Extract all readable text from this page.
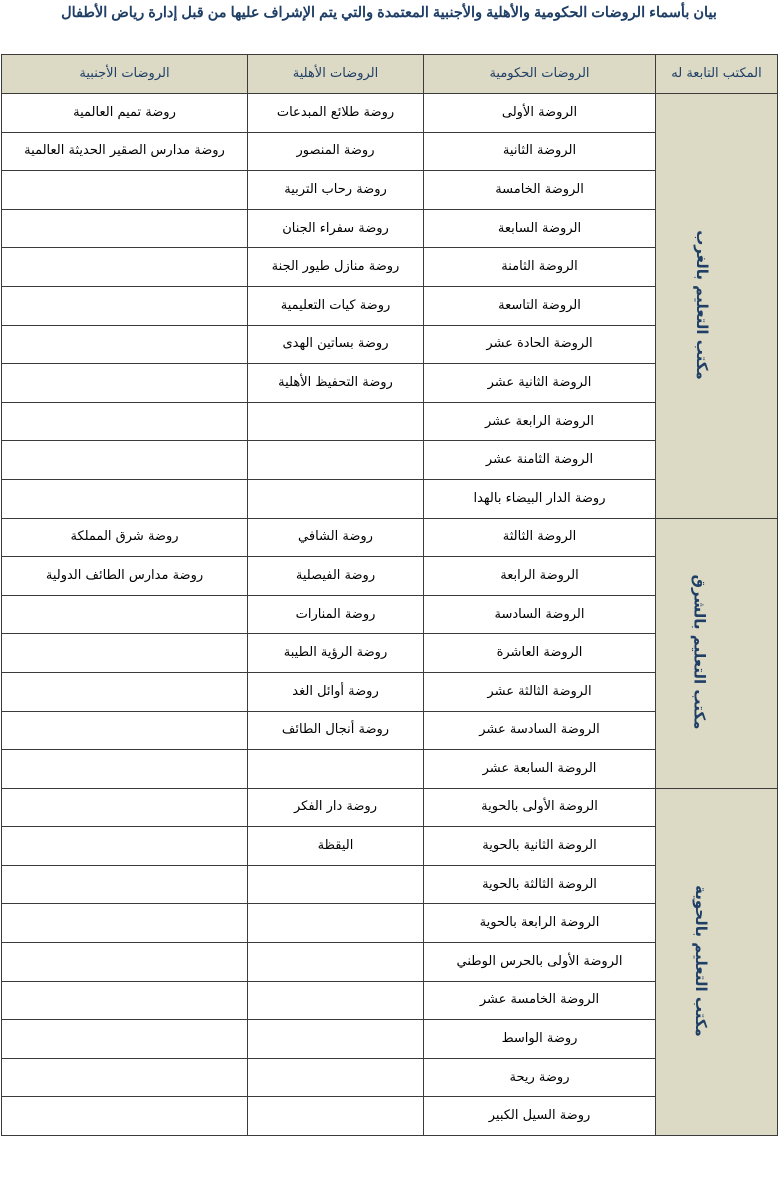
بيان بأسماء الروضات الحكومية والأهلية والأجنبية المعتمدة والتي يتم الإشراف عليها من قبل إدارة رياض الأطفال
المكتب التابعة له	الروضات الحكومية	الروضات الأهلية	الروضات الأجنبية
مكتب التعليم بالغرب	الروضة الأولى	روضة طلائع المبدعات	روضة تميم العالمية
	الروضة الثانية	روضة المنصور	روضة مدارس الصقير الحديثة العالمية
	الروضة الخامسة	روضة رحاب التربية	
	الروضة السابعة	روضة سفراء الجنان	
	الروضة الثامنة	روضة منازل طيور الجنة	
	الروضة التاسعة	روضة كيات التعليمية	
	الروضة الحادة عشر	روضة بساتين الهدى	
	الروضة الثانية عشر	روضة التحفيظ الأهلية	
	الروضة الرابعة عشر		
	الروضة الثامنة عشر		
	روضة الدار البيضاء بالهدا		
مكتب التعليم بالشرق	الروضة الثالثة	روضة الشافي	روضة شرق المملكة
	الروضة الرابعة	روضة الفيصلية	روضة مدارس الطائف الدولية
	الروضة السادسة	روضة المنارات	
	الروضة العاشرة	روضة الرؤية الطيبة	
	الروضة الثالثة عشر	روضة أوائل الغد	
	الروضة السادسة عشر	روضة أنجال الطائف	
	الروضة السابعة عشر		
مكتب التعليم بالحوية	الروضة الأولى بالحوية	روضة دار الفكر	
	الروضة الثانية بالحوية	اليقظة	
	الروضة الثالثة بالحوية		
	الروضة الرابعة بالحوية		
	الروضة الأولى بالحرس الوطني		
	الروضة الخامسة عشر		
	روضة الواسط		
	روضة ريحة		
	روضة السيل الكبير		
